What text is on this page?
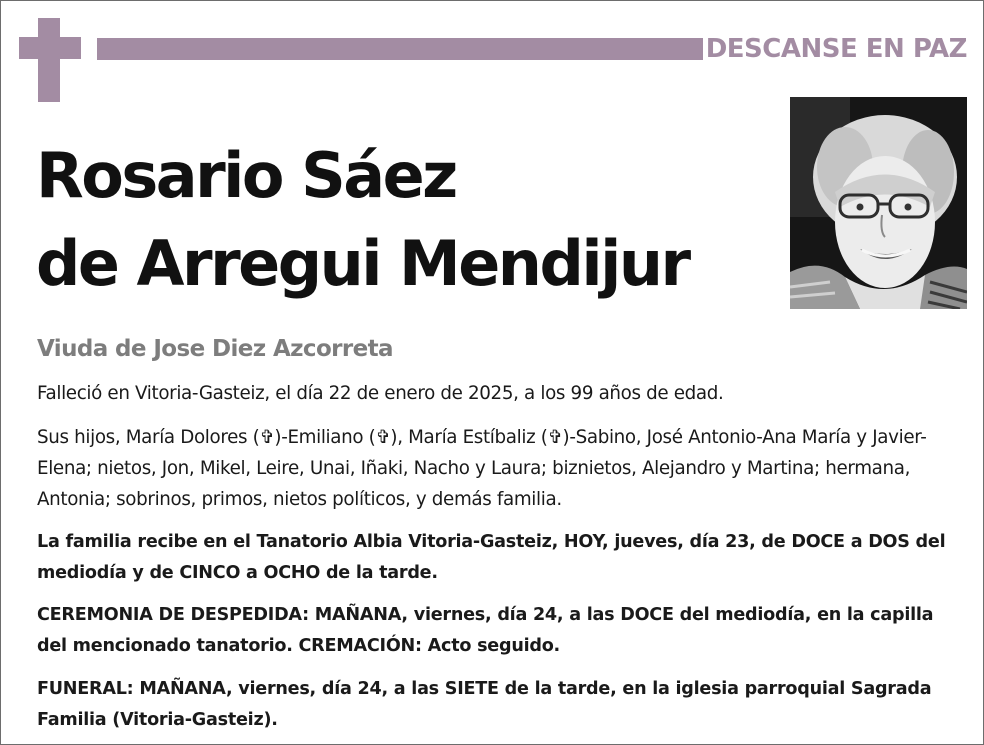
DESCANSE EN PAZ
Rosario Sáez
de Arregui Mendijur
Viuda de Jose Diez Azcorreta

Falleció en Vitoria-Gasteiz, el día 22 de enero de 2025, a los 99 años de edad.

Sus hijos, María Dolores (✞)-Emiliano (✞), María Estíbaliz (✞)-Sabino, José Antonio-Ana María y Javier-Elena; nietos, Jon, Mikel, Leire, Unai, Iñaki, Nacho y Laura; biznietos, Alejandro y Martina; hermana, Antonia; sobrinos, primos, nietos políticos, y demás familia.

La familia recibe en el Tanatorio Albia Vitoria-Gasteiz, HOY, jueves, día 23, de DOCE a DOS del mediodía y de CINCO a OCHO de la tarde.

CEREMONIA DE DESPEDIDA: MAÑANA, viernes, día 24, a las DOCE del mediodía, en la capilla del mencionado tanatorio. CREMACIÓN: Acto seguido.

FUNERAL: MAÑANA, viernes, día 24, a las SIETE de la tarde, en la iglesia parroquial Sagrada Familia (Vitoria-Gasteiz).
